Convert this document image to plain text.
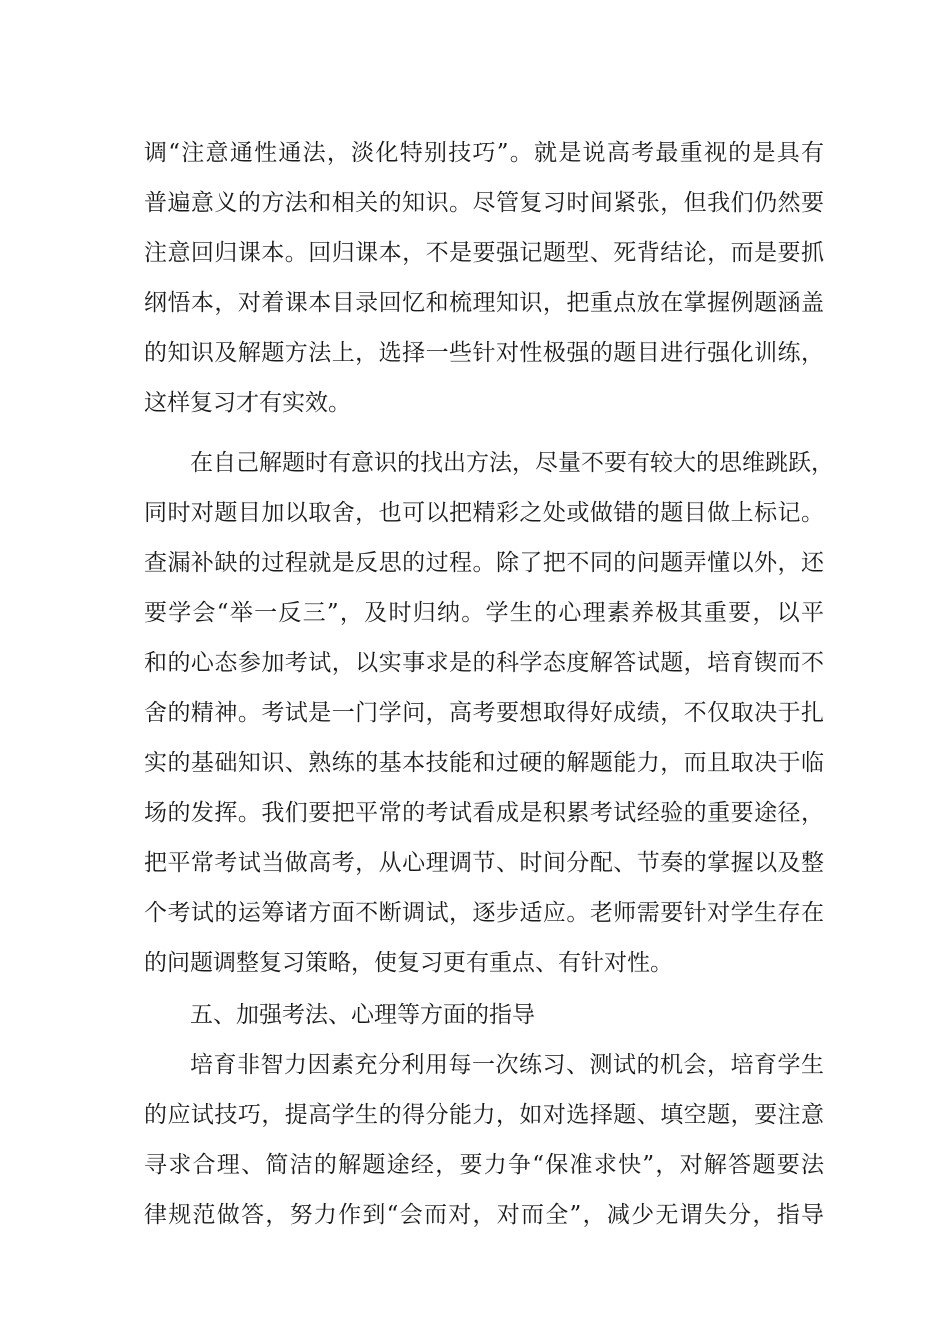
调“注意通性通法，淡化特别技巧”。就是说高考最重视的是具有
普遍意义的方法和相关的知识。尽管复习时间紧张，但我们仍然要
注意回归课本。回归课本，不是要强记题型、死背结论，而是要抓
纲悟本，对着课本目录回忆和梳理知识，把重点放在掌握例题涵盖
的知识及解题方法上，选择一些针对性极强的题目进行强化训练，
这样复习才有实效。
在自己解题时有意识的找出方法，尽量不要有较大的思维跳跃，
同时对题目加以取舍，也可以把精彩之处或做错的题目做上标记。
查漏补缺的过程就是反思的过程。除了把不同的问题弄懂以外，还
要学会“举一反三”，及时归纳。学生的心理素养极其重要，以平
和的心态参加考试，以实事求是的科学态度解答试题，培育锲而不
舍的精神。考试是一门学问，高考要想取得好成绩，不仅取决于扎
实的基础知识、熟练的基本技能和过硬的解题能力，而且取决于临
场的发挥。我们要把平常的考试看成是积累考试经验的重要途径，
把平常考试当做高考，从心理调节、时间分配、节奏的掌握以及整
个考试的运筹诸方面不断调试，逐步适应。老师需要针对学生存在
的问题调整复习策略，使复习更有重点、有针对性。
五、加强考法、心理等方面的指导
培育非智力因素充分利用每一次练习、测试的机会，培育学生
的应试技巧，提高学生的得分能力，如对选择题、填空题，要注意
寻求合理、简洁的解题途经，要力争“保准求快”，对解答题要法
律规范做答，努力作到“会而对，对而全”，减少无谓失分，指导
